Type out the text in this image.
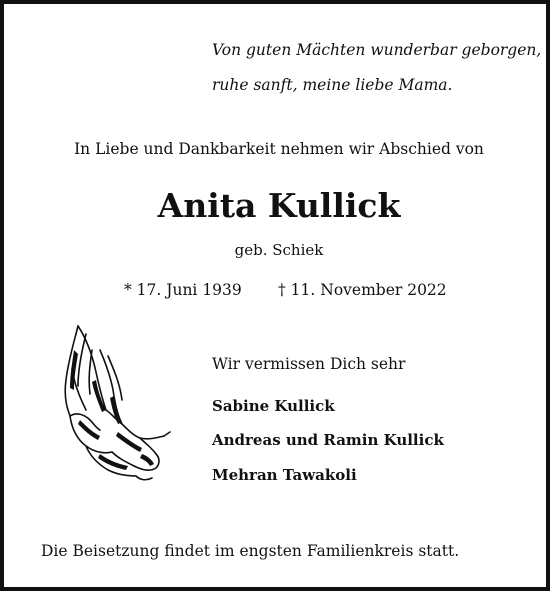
Von guten Mächten wunderbar geborgen,
ruhe sanft, meine liebe Mama.
In Liebe und Dankbarkeit nehmen wir Abschied von
Anita Kullick
geb. Schiek
* 17. Juni 1939 † 11. November 2022
Wir vermissen Dich sehr
Sabine Kullick
Andreas und Ramin Kullick
Mehran Tawakoli
Die Beisetzung findet im engsten Familienkreis statt.
